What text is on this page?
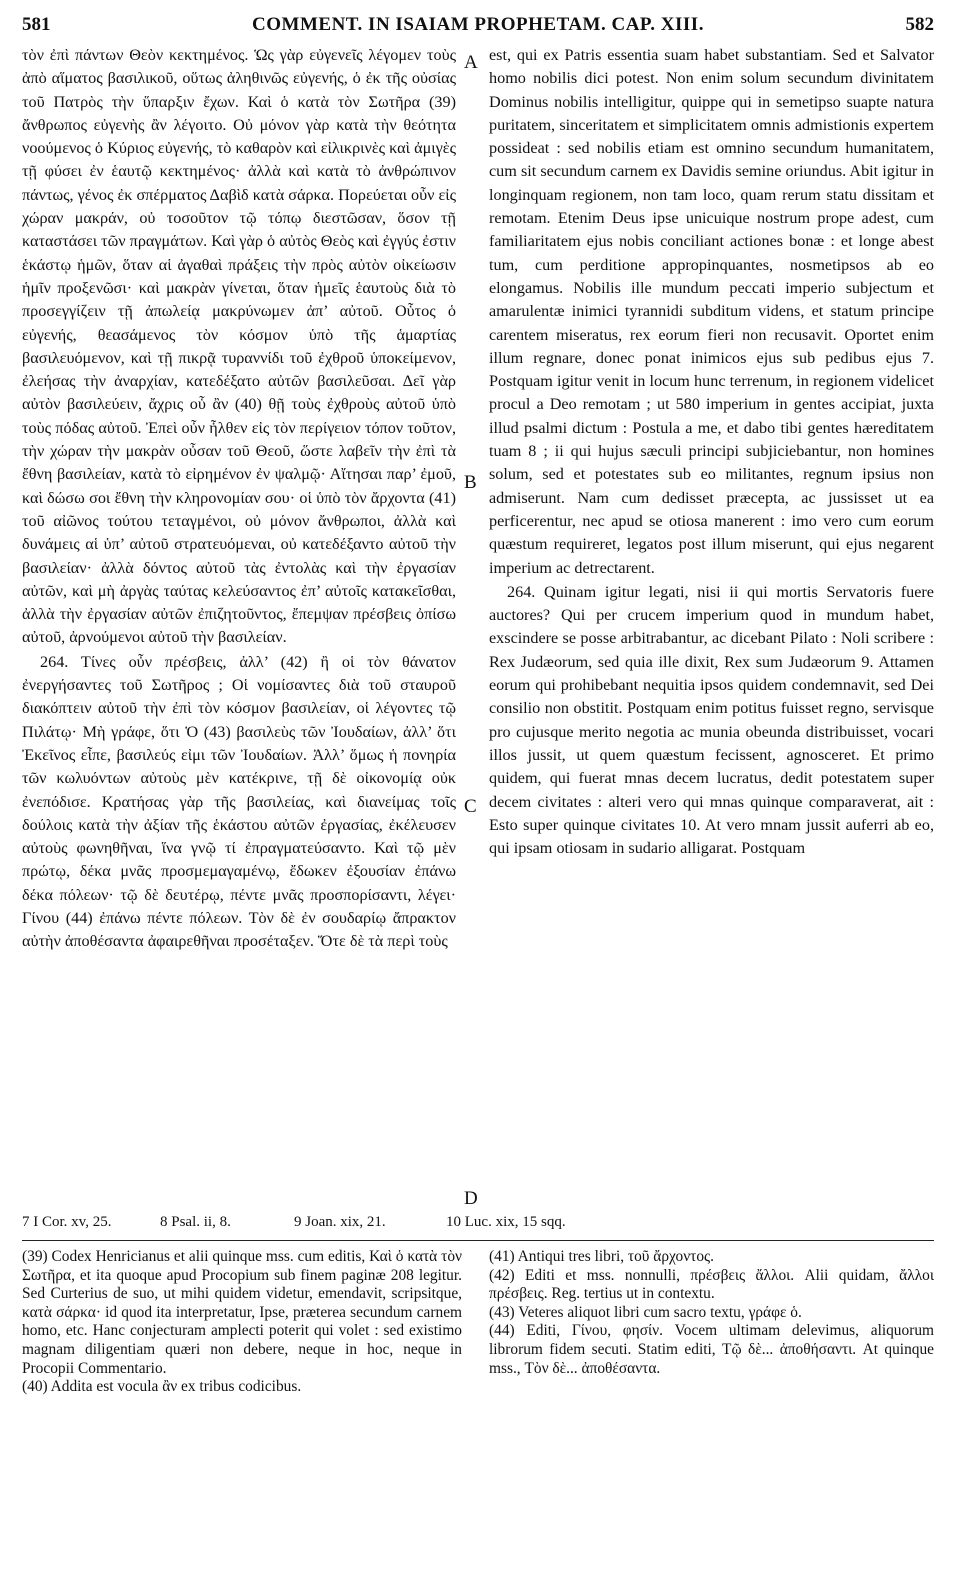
581	COMMENT. IN ISAIAM PROPHETAM. CAP. XIII.	582

τὸν ἐπὶ πάντων Θεὸν κεκτημένος. Ὡς γὰρ εὐγενεῖς λέγομεν τοὺς ἀπὸ αἵματος βασιλικοῦ, οὕτως ἀληθινῶς εὐγενής, ὁ ἐκ τῆς οὐσίας τοῦ Πατρὸς τὴν ὕπαρξιν ἔχων. Καὶ ὁ κατὰ τὸν Σωτῆρα (39) ἄνθρωπος εὐγενὴς ἂν λέγοιτο. Οὐ μόνον γὰρ κατὰ τὴν θεότητα νοούμενος ὁ Κύριος εὐγενής, τὸ καθαρὸν καὶ εἰλικρινὲς καὶ ἀμιγὲς τῇ φύσει ἐν ἑαυτῷ κεκτημένος· ἀλλὰ καὶ κατὰ τὸ ἀνθρώπινον πάντως, γένος ἐκ σπέρματος Δαβὶδ κατὰ σάρκα. Πορεύεται οὖν εἰς χώραν μακράν, οὐ τοσοῦτον τῷ τόπῳ διεστῶσαν, ὅσον τῇ καταστάσει τῶν πραγμάτων. Καὶ γὰρ ὁ αὐτὸς Θεὸς καὶ ἐγγύς ἐστιν ἑκάστῳ ἡμῶν, ὅταν αἱ ἀγαθαὶ πράξεις τὴν πρὸς αὐτὸν οἰκείωσιν ἡμῖν προξενῶσι· καὶ μακρὰν γίνεται, ὅταν ἡμεῖς ἑαυτοὺς διὰ τὸ προσεγγίζειν τῇ ἀπωλείᾳ μακρύνωμεν ἀπ’ αὐτοῦ. Οὗτος ὁ εὐγενής, θεασάμενος τὸν κόσμον ὑπὸ τῆς ἁμαρτίας βασιλευόμενον, καὶ τῇ πικρᾷ τυραννίδι τοῦ ἐχθροῦ ὑποκείμενον, ἐλεήσας τὴν ἀναρχίαν, κατεδέξατο αὐτῶν βασιλεῦσαι. Δεῖ γὰρ αὐτὸν βασιλεύειν, ἄχρις οὗ ἂν (40) θῇ τοὺς ἐχθροὺς αὐτοῦ ὑπὸ τοὺς πόδας αὐτοῦ. Ἐπεὶ οὖν ἦλθεν εἰς τὸν περίγειον τόπον τοῦτον, τὴν χώραν τὴν μακρὰν οὖσαν τοῦ Θεοῦ, ὥστε λαβεῖν τὴν ἐπὶ τὰ ἔθνη βασιλείαν, κατὰ τὸ εἰρημένον ἐν ψαλμῷ· Αἴτησαι παρ’ ἐμοῦ, καὶ δώσω σοι ἔθνη τὴν κληρονομίαν σου· οἱ ὑπὸ τὸν ἄρχοντα (41) τοῦ αἰῶνος τούτου τεταγμένοι, οὐ μόνον ἄνθρωποι, ἀλλὰ καὶ δυνάμεις αἱ ὑπ’ αὐτοῦ στρατευόμεναι, οὐ κατεδέξαντο αὐτοῦ τὴν βασιλείαν· ἀλλὰ δόντος αὐτοῦ τὰς ἐντολὰς καὶ τὴν ἐργασίαν αὐτῶν, καὶ μὴ ἀργὰς ταύτας κελεύσαντος ἐπ’ αὐτοῖς κατακεῖσθαι, ἀλλὰ τὴν ἐργασίαν αὐτῶν ἐπιζητοῦντος, ἔπεμψαν πρέσβεις ὀπίσω αὐτοῦ, ἀρνούμενοι αὐτοῦ τὴν βασιλείαν.

264. Τίνες οὖν πρέσβεις, ἀλλ’ (42) ἢ οἱ τὸν θάνατον ἐνεργήσαντες τοῦ Σωτῆρος ; Οἱ νομίσαντες διὰ τοῦ σταυροῦ διακόπτειν αὐτοῦ τὴν ἐπὶ τὸν κόσμον βασιλείαν, οἱ λέγοντες τῷ Πιλάτῳ· Μὴ γράφε, ὅτι Ὁ (43) βασιλεὺς τῶν Ἰουδαίων, ἀλλ’ ὅτι Ἐκεῖνος εἶπε, βασιλεύς εἰμι τῶν Ἰουδαίων. Ἀλλ’ ὅμως ἡ πονηρία τῶν κωλυόντων αὐτοὺς μὲν κατέκρινε, τῇ δὲ οἰκονομίᾳ οὐκ ἐνεπόδισε. Κρατήσας γὰρ τῆς βασιλείας, καὶ διανείμας τοῖς δούλοις κατὰ τὴν ἀξίαν τῆς ἑκάστου αὐτῶν ἐργασίας, ἐκέλευσεν αὐτοὺς φωνηθῆναι, ἵνα γνῷ τί ἐπραγματεύσαντο. Καὶ τῷ μὲν πρώτῳ, δέκα μνᾶς προσμεμαγαμένῳ, ἔδωκεν ἐξουσίαν ἐπάνω δέκα πόλεων· τῷ δὲ δευτέρῳ, πέντε μνᾶς προσπορίσαντι, λέγει· Γίνου (44) ἐπάνω πέντε πόλεων. Τὸν δὲ ἐν σουδαρίῳ ἄπρακτον αὐτὴν ἀποθέσαντα ἀφαιρεθῆναι προσέταξεν. Ὅτε δὲ τὰ περὶ τοὺς

A
B
C
D

est, qui ex Patris essentia suam habet substantiam. Sed et Salvator homo nobilis dici potest. Non enim solum secundum divinitatem Dominus nobilis intelligitur, quippe qui in semetipso suapte natura puritatem, sinceritatem et simplicitatem omnis admistionis expertem possideat : sed nobilis etiam est omnino secundum humanitatem, cum sit secundum carnem ex Davidis semine oriundus. Abit igitur in longinquam regionem, non tam loco, quam rerum statu dissitam et remotam. Etenim Deus ipse unicuique nostrum prope adest, cum familiaritatem ejus nobis conciliant actiones bonæ : et longe abest tum, cum perditione appropinquantes, nosmetipsos ab eo elongamus. Nobilis ille mundum peccati imperio subjectum et amarulentæ inimici tyrannidi subditum videns, et statum principe carentem miseratus, rex eorum fieri non recusavit. Oportet enim illum regnare, donec ponat inimicos ejus sub pedibus ejus 7. Postquam igitur venit in locum hunc terrenum, in regionem videlicet procul a Deo remotam ; ut 580 imperium in gentes accipiat, juxta illud psalmi dictum : Postula a me, et dabo tibi gentes hæreditatem tuam 8 ; ii qui hujus sæculi principi subjiciebantur, non homines solum, sed et potestates sub eo militantes, regnum ipsius non admiserunt. Nam cum dedisset præcepta, ac jussisset ut ea perficerentur, nec apud se otiosa manerent : imo vero cum eorum quæstum requireret, legatos post illum miserunt, qui ejus negarent imperium ac detrectarent.

264. Quinam igitur legati, nisi ii qui mortis Servatoris fuere auctores? Qui per crucem imperium quod in mundum habet, exscindere se posse arbitrabantur, ac dicebant Pilato : Noli scribere : Rex Judæorum, sed quia ille dixit, Rex sum Judæorum 9. Attamen eorum qui prohibebant nequitia ipsos quidem condemnavit, sed Dei consilio non obstitit. Postquam enim potitus fuisset regno, servisque pro cujusque merito negotia ac munia obeunda distribuisset, vocari illos jussit, ut quem quæstum fecissent, agnosceret. Et primo quidem, qui fuerat mnas decem lucratus, dedit potestatem super decem civitates : alteri vero qui mnas quinque comparaverat, ait : Esto super quinque civitates 10. At vero mnam jussit auferri ab eo, qui ipsam otiosam in sudario alligarat. Postquam

7 I Cor. xv, 25.	8 Psal. ii, 8.	9 Joan. xix, 21.	10 Luc. xix, 15 sqq.

(39) Codex Henricianus et alii quinque mss. cum editis, Καὶ ὁ κατὰ τὸν Σωτῆρα, et ita quoque apud Procopium sub finem paginæ 208 legitur. Sed Curterius de suo, ut mihi quidem videtur, emendavit, scripsitque, κατὰ σάρκα· id quod ita interpretatur, Ipse, præterea secundum carnem homo, etc. Hanc conjecturam amplecti poterit qui volet : sed existimo magnam diligentiam quæri non debere, neque in hoc, neque in Procopii Commentario.

(40) Addita est vocula ἂν ex tribus codicibus.

(41) Antiqui tres libri, τοῦ ἄρχοντος.

(42) Editi et mss. nonnulli, πρέσβεις ἄλλοι. Alii quidam, ἄλλοι πρέσβεις. Reg. tertius ut in contextu.

(43) Veteres aliquot libri cum sacro textu, γράφε ὁ.

(44) Editi, Γίνου, φησίν. Vocem ultimam delevimus, aliquorum librorum fidem secuti. Statim editi, Τῷ δὲ... ἀποθήσαντι. At quinque mss., Τὸν δὲ... ἀποθέσαντα.
